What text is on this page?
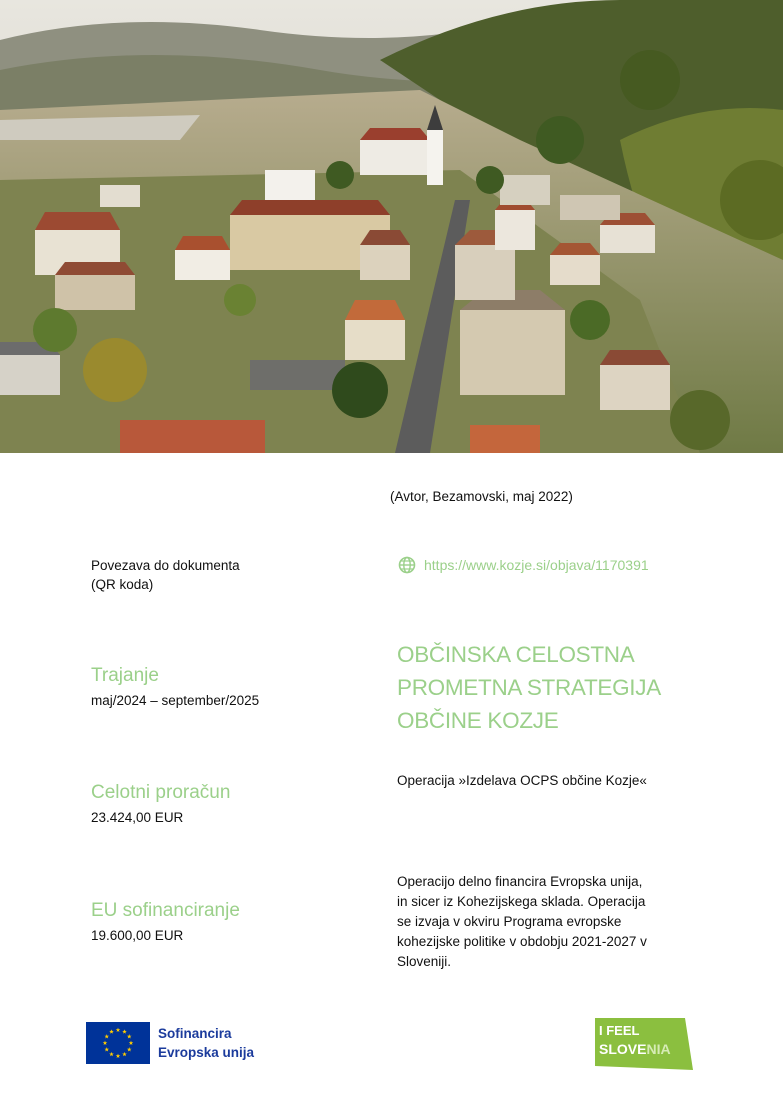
(Avtor, Bezamovski, maj 2022)
Povezava do dokumenta
(QR koda)
https://www.kozje.si/objava/1170391
OBČINSKA CELOSTNA
PROMETNA STRATEGIJA
OBČINE KOZJE
Trajanje
maj/2024 – september/2025
Celotni proračun
23.424,00 EUR
EU sofinanciranje
19.600,00 EUR
Operacija »Izdelava OCPS občine Kozje«
Operacijo delno financira Evropska unija,
in sicer iz Kohezijskega sklada. Operacija
se izvaja v okviru Programa evropske
kohezijske politike v obdobju 2021-2027 v
Sloveniji.
Sofinancira
Evropska unija
I FEEL
SLOVENIA
